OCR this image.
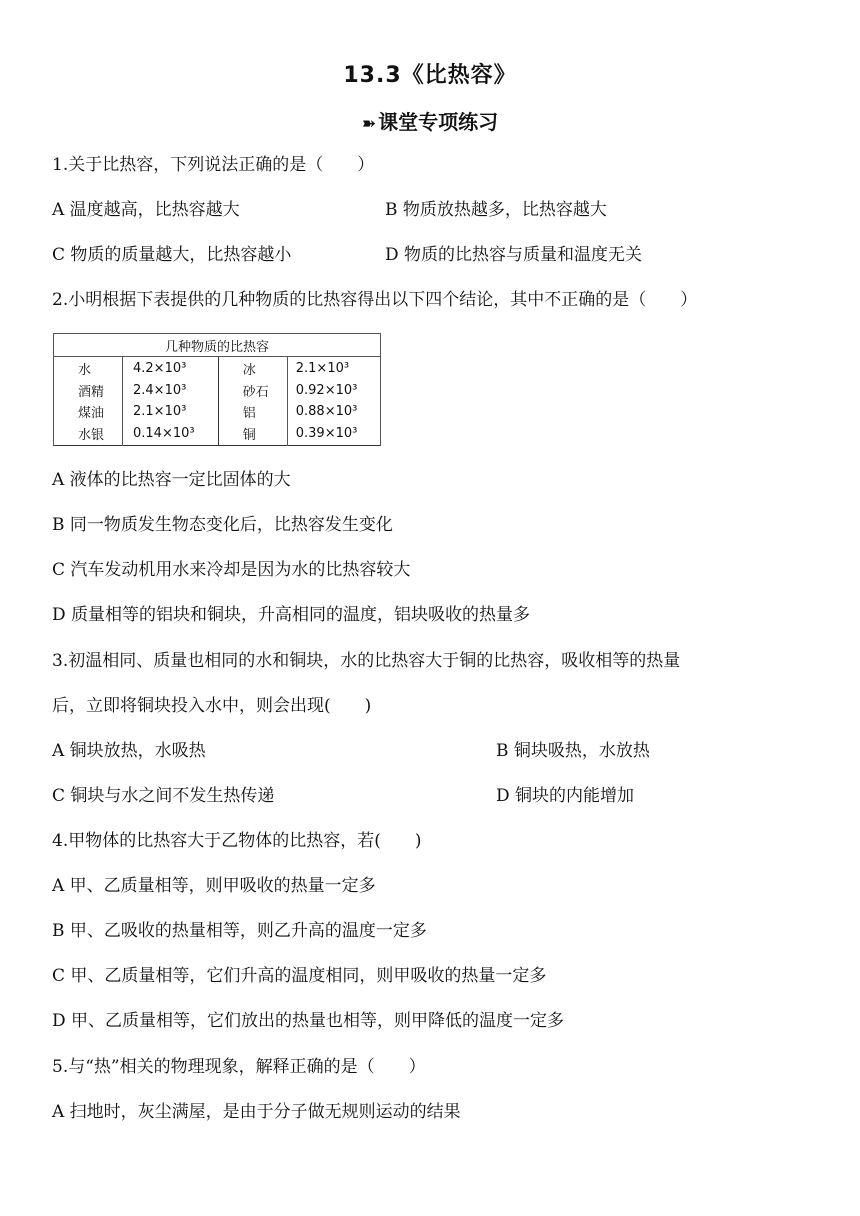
13.3《比热容》
➽ 课堂专项练习
1.关于比热容，下列说法正确的是（　　）
A 温度越高，比热容越大	B 物质放热越多，比热容越大
C 物质的质量越大，比热容越小	D 物质的比热容与质量和温度无关
2.小明根据下表提供的几种物质的比热容得出以下四个结论，其中不正确的是（　　）
几种物质的比热容			
水	4.2×10³	冰	2.1×10³
酒精	2.4×10³	砂石	0.92×10³
煤油	2.1×10³	铝	0.88×10³
水银	0.14×10³	铜	0.39×10³
A 液体的比热容一定比固体的大
B 同一物质发生物态变化后，比热容发生变化
C 汽车发动机用水来冷却是因为水的比热容较大
D 质量相等的铝块和铜块，升高相同的温度，铝块吸收的热量多
3.初温相同、质量也相同的水和铜块，水的比热容大于铜的比热容，吸收相等的热量
后，立即将铜块投入水中，则会出现(　　)
A 铜块放热，水吸热	B 铜块吸热，水放热
C 铜块与水之间不发生热传递	D 铜块的内能增加
4.甲物体的比热容大于乙物体的比热容，若(　　)
A 甲、乙质量相等，则甲吸收的热量一定多
B 甲、乙吸收的热量相等，则乙升高的温度一定多
C 甲、乙质量相等，它们升高的温度相同，则甲吸收的热量一定多
D 甲、乙质量相等，它们放出的热量也相等，则甲降低的温度一定多
5.与“热”相关的物理现象，解释正确的是（　　）
A 扫地时，灰尘满屋，是由于分子做无规则运动的结果
